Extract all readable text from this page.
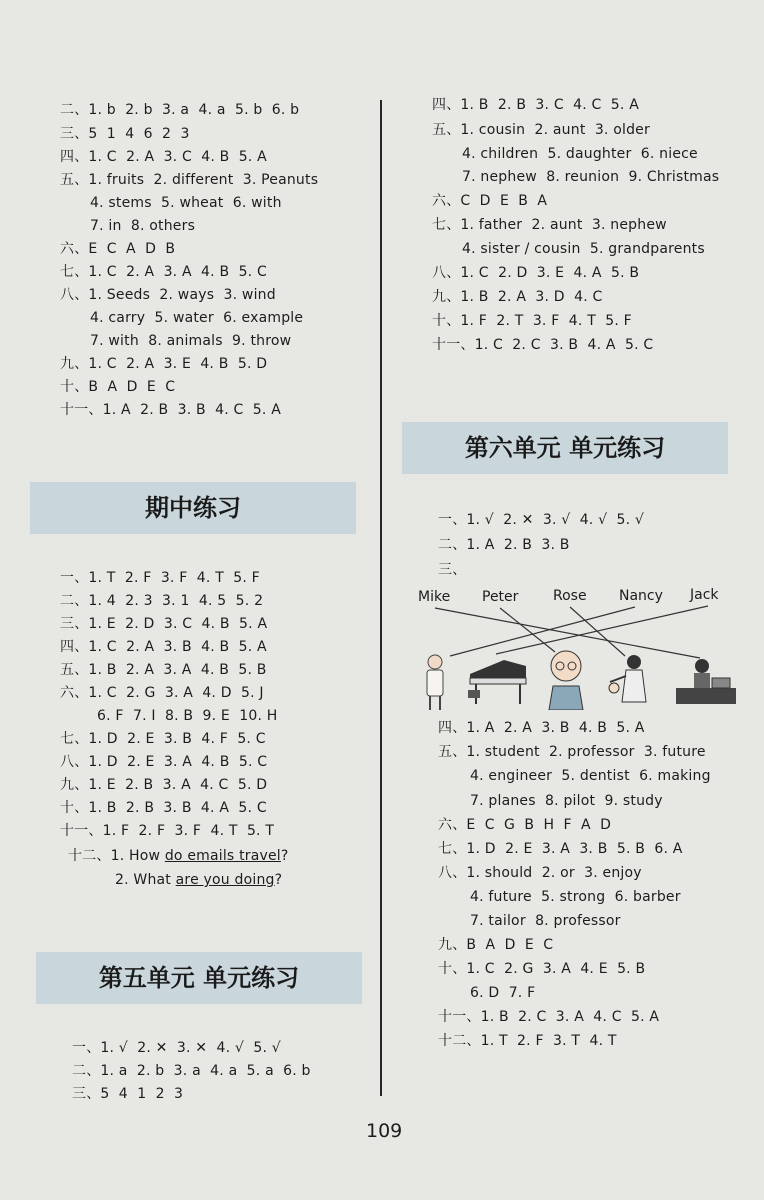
二、1. b  2. b  3. a  4. a  5. b  6. b
三、5  1  4  6  2  3
四、1. C  2. A  3. C  4. B  5. A
五、1. fruits  2. different  3. Peanuts
4. stems  5. wheat  6. with
7. in  8. others
六、E  C  A  D  B
七、1. C  2. A  3. A  4. B  5. C
八、1. Seeds  2. ways  3. wind
4. carry  5. water  6. example
7. with  8. animals  9. throw
九、1. C  2. A  3. E  4. B  5. D
十、B  A  D  E  C
十一、1. A  2. B  3. B  4. C  5. A
期中练习
一、1. T  2. F  3. F  4. T  5. F
二、1. 4  2. 3  3. 1  4. 5  5. 2
三、1. E  2. D  3. C  4. B  5. A
四、1. C  2. A  3. B  4. B  5. A
五、1. B  2. A  3. A  4. B  5. B
六、1. C  2. G  3. A  4. D  5. J
6. F  7. I  8. B  9. E  10. H
七、1. D  2. E  3. B  4. F  5. C
八、1. D  2. E  3. A  4. B  5. C
九、1. E  2. B  3. A  4. C  5. D
十、1. B  2. B  3. B  4. A  5. C
十一、1. F  2. F  3. F  4. T  5. T
十二、1. How do emails travel?
2. What are you doing?
第五单元 单元练习
一、1. √  2. ✕  3. ✕  4. √  5. √
二、1. a  2. b  3. a  4. a  5. a  6. b
三、5  4  1  2  3
四、1. B  2. B  3. C  4. C  5. A
五、1. cousin  2. aunt  3. older
4. children  5. daughter  6. niece
7. nephew  8. reunion  9. Christmas
六、C  D  E  B  A
七、1. father  2. aunt  3. nephew
4. sister / cousin  5. grandparents
八、1. C  2. D  3. E  4. A  5. B
九、1. B  2. A  3. D  4. C
十、1. F  2. T  3. F  4. T  5. F
十一、1. C  2. C  3. B  4. A  5. C
第六单元 单元练习
一、1. √  2. ✕  3. √  4. √  5. √
二、1. A  2. B  3. B
三、
Mike Peter Rose Nancy Jack
四、1. A  2. A  3. B  4. B  5. A
五、1. student  2. professor  3. future
4. engineer  5. dentist  6. making
7. planes  8. pilot  9. study
六、E  C  G  B  H  F  A  D
七、1. D  2. E  3. A  3. B  5. B  6. A
八、1. should  2. or  3. enjoy
4. future  5. strong  6. barber
7. tailor  8. professor
九、B  A  D  E  C
十、1. C  2. G  3. A  4. E  5. B
6. D  7. F
十一、1. B  2. C  3. A  4. C  5. A
十二、1. T  2. F  3. T  4. T
109
